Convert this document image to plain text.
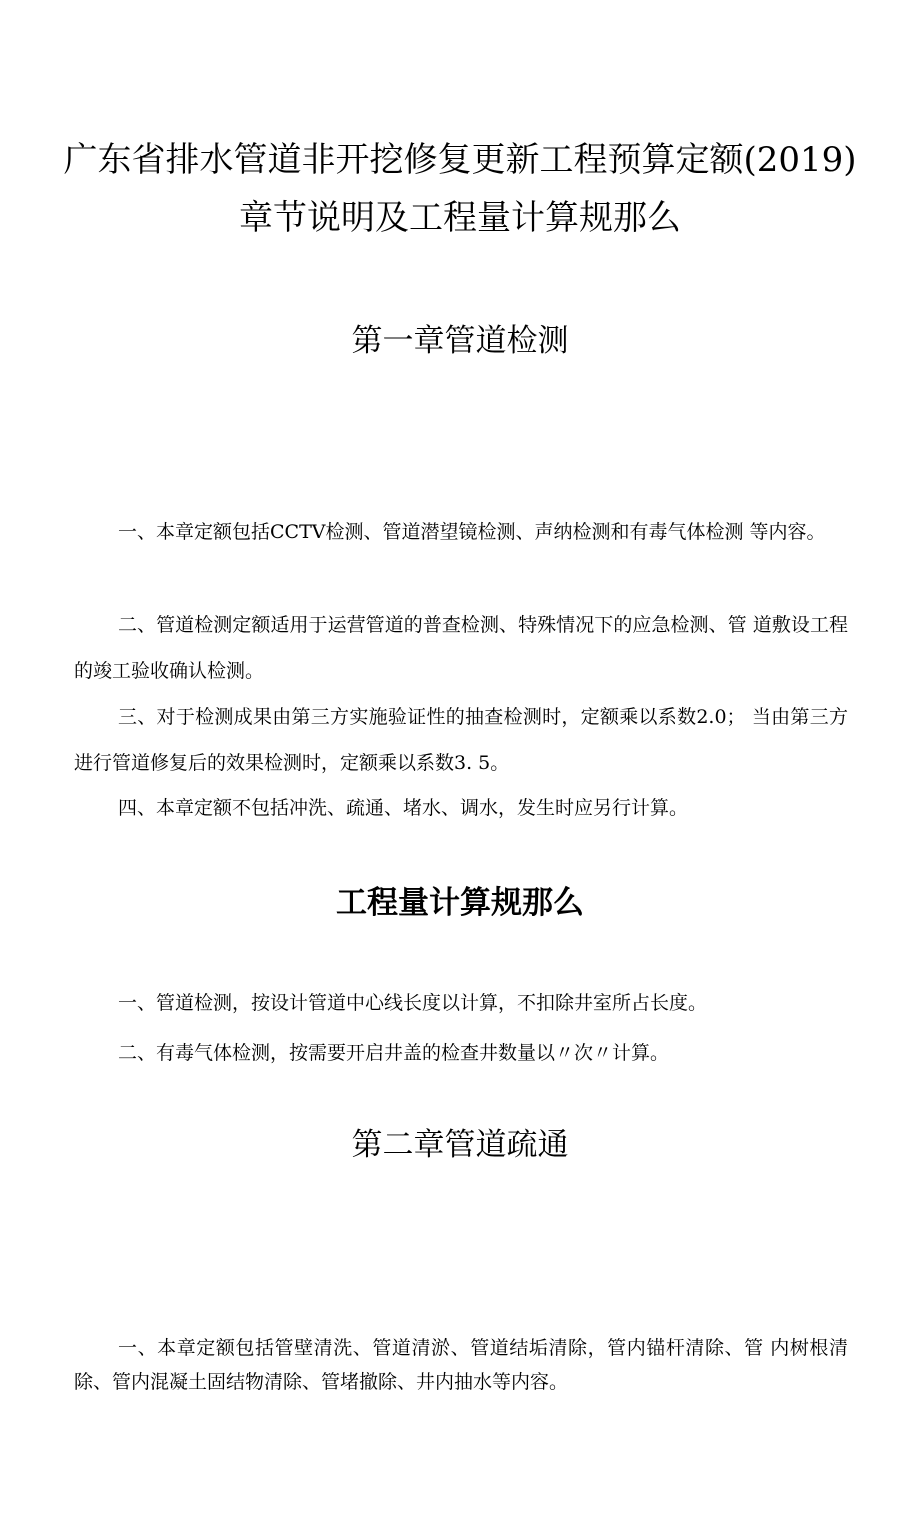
广东省排水管道非开挖修复更新工程预算定额(2019)
章节说明及工程量计算规那么
第一章管道检测

一、本章定额包括CCTV检测、管道潜望镜检测、声纳检测和有毒气体检测 等内容。

二、管道检测定额适用于运营管道的普查检测、特殊情况下的应急检测、管 道敷设工程的竣工验收确认检测。

三、对于检测成果由第三方实施验证性的抽查检测时，定额乘以系数2.0； 当由第三方进行管道修复后的效果检测时，定额乘以系数3. 5。

四、本章定额不包括冲洗、疏通、堵水、调水，发生时应另行计算。

工程量计算规那么

一、管道检测，按设计管道中心线长度以计算，不扣除井室所占长度。

二、有毒气体检测，按需要开启井盖的检查井数量以〃次〃计算。

第二章管道疏通

一、本章定额包括管壁清洗、管道清淤、管道结垢清除，管内锚杆清除、管 内树根清除、管内混凝土固结物清除、管堵撤除、井内抽水等内容。
